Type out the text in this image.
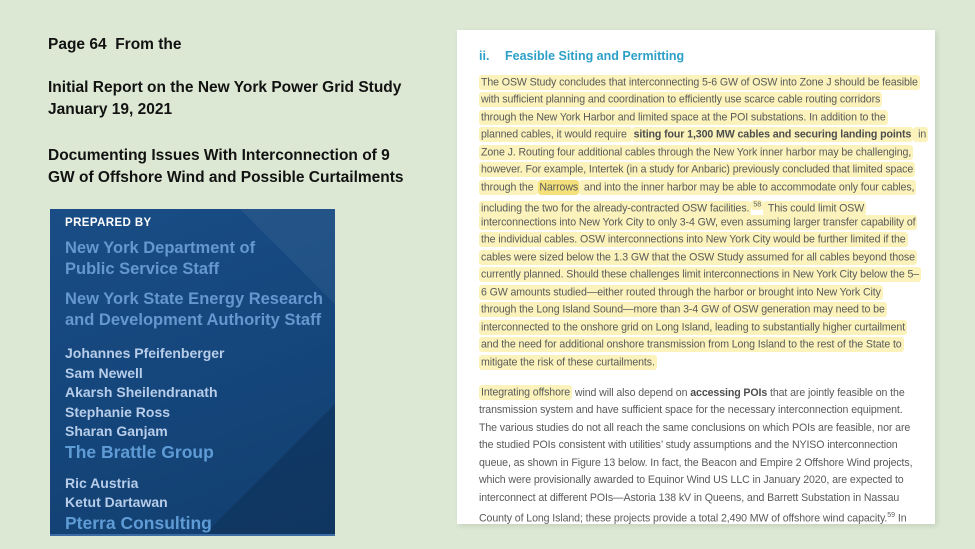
Page 64  From the
Initial Report on the New York Power Grid Study
January 19, 2021
Documenting Issues With Interconnection of 9
GW of Offshore Wind and Possible Curtailments
PREPARED BY
New York Department of
Public Service Staff
New York State Energy Research
and Development Authority Staff
Johannes Pfeifenberger
Sam Newell
Akarsh Sheilendranath
Stephanie Ross
Sharan Ganjam
The Brattle Group
Ric Austria
Ketut Dartawan
Pterra Consulting
ii.	Feasible Siting and Permitting
The OSW Study concludes that interconnecting 5-6 GW of OSW into Zone J should be feasible
with sufficient planning and coordination to efficiently use scarce cable routing corridors
through the New York Harbor and limited space at the POI substations. In addition to the
planned cables, it would require siting four 1,300 MW cables and securing landing points in
Zone J. Routing four additional cables through the New York inner harbor may be challenging,
however. For example, Intertek (in a study for Anbaric) previously concluded that limited space
through the Narrows and into the inner harbor may be able to accommodate only four cables,
including the two for the already-contracted OSW facilities. $^{58}$ This could limit OSW
interconnections into New York City to only 3-4 GW, even assuming larger transfer capability of
the individual cables. OSW interconnections into New York City would be further limited if the
cables were sized below the 1.3 GW that the OSW Study assumed for all cables beyond those
currently planned. Should these challenges limit interconnections in New York City below the 5–
6 GW amounts studied—either routed through the harbor or brought into New York City
through the Long Island Sound—more than 3-4 GW of OSW generation may need to be
interconnected to the onshore grid on Long Island, leading to substantially higher curtailment
and the need for additional onshore transmission from Long Island to the rest of the State to
mitigate the risk of these curtailments.
Integrating offshore wind will also depend on accessing POIs that are jointly feasible on the
transmission system and have sufficient space for the necessary interconnection equipment.
The various studies do not all reach the same conclusions on which POIs are feasible, nor are
the studied POIs consistent with utilities’ study assumptions and the NYISO interconnection
queue, as shown in Figure 13 below. In fact, the Beacon and Empire 2 Offshore Wind projects,
which were provisionally awarded to Equinor Wind US LLC in January 2020, are expected to
interconnect at different POIs—Astoria 138 kV in Queens, and Barrett Substation in Nassau
County of Long Island; these projects provide a total 2,490 MW of offshore wind capacity.$^{59}$ In
